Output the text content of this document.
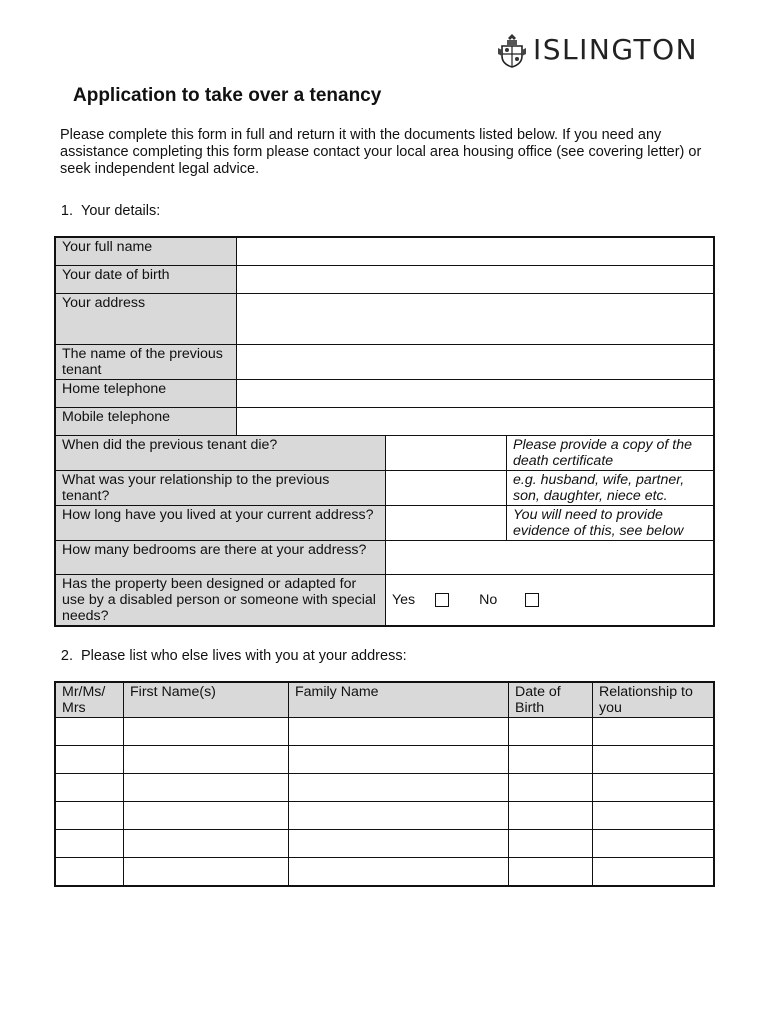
ISLINGTON
Application to take over a tenancy
Please complete this form in full and return it with the documents listed below. If you need any assistance completing this form please contact your local area housing office (see covering letter) or seek independent legal advice.
1. Your details:
Your full name			
Your date of birth			
Your address			
The name of the previous tenant			
Home telephone			
Mobile telephone			
When did the previous tenant die?			Please provide a copy of the death certificate
What was your relationship to the previous tenant?			e.g. husband, wife, partner, son, daughter, niece etc.
How long have you lived at your current address?			You will need to provide evidence of this, see below
How many bedrooms are there at your address?			
Has the property been designed or adapted for use by a disabled person or someone with special needs?		Yes No	
2. Please list who else lives with you at your address:
Mr/Ms/ Mrs	First Name(s)	Family Name	Date of Birth	Relationship to you
